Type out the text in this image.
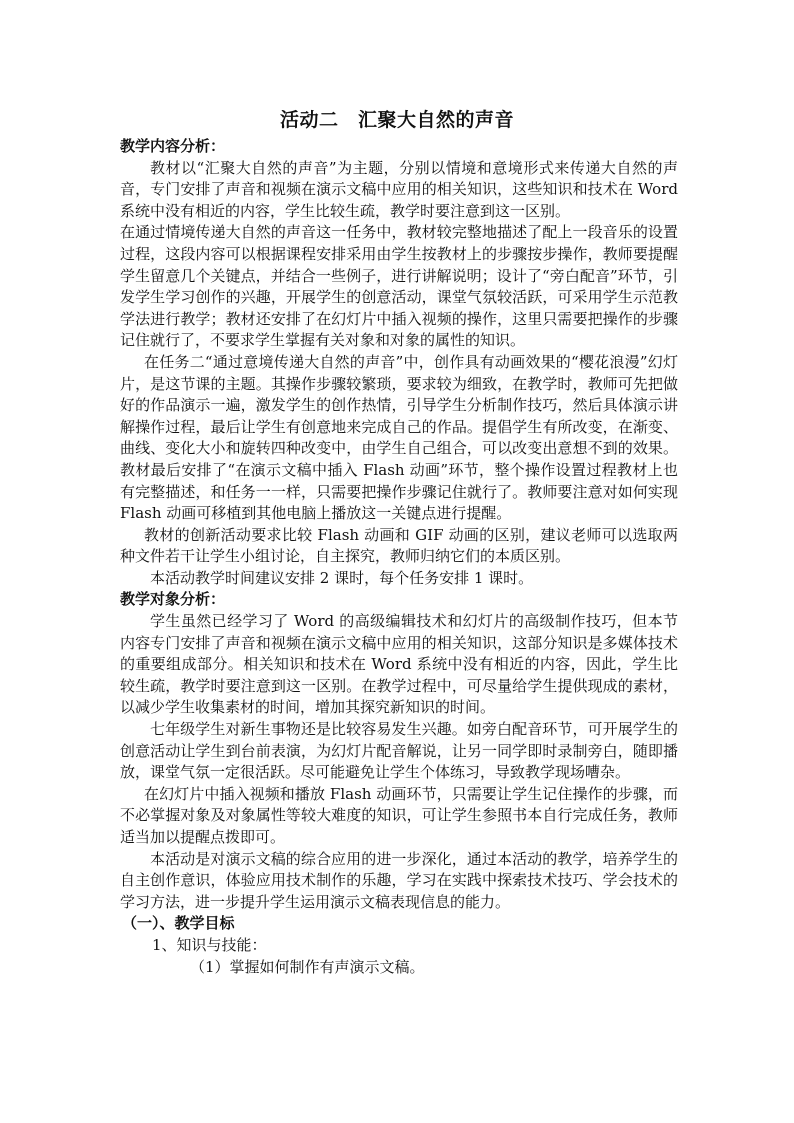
活动二　汇聚大自然的声音

教学内容分析：

教材以“汇聚大自然的声音”为主题，分别以情境和意境形式来传递大自然的声音，专门安排了声音和视频在演示文稿中应用的相关知识，这些知识和技术在 Word 系统中没有相近的内容，学生比较生疏，教学时要注意到这一区别。

在通过情境传递大自然的声音这一任务中，教材较完整地描述了配上一段音乐的设置过程，这段内容可以根据课程安排采用由学生按教材上的步骤按步操作，教师要提醒学生留意几个关键点，并结合一些例子，进行讲解说明；设计了“旁白配音”环节，引发学生学习创作的兴趣，开展学生的创意活动，课堂气氛较活跃，可采用学生示范教学法进行教学；教材还安排了在幻灯片中插入视频的操作，这里只需要把操作的步骤记住就行了，不要求学生掌握有关对象和对象的属性的知识。

在任务二“通过意境传递大自然的声音”中，创作具有动画效果的“樱花浪漫”幻灯片，是这节课的主题。其操作步骤较繁琐，要求较为细致，在教学时，教师可先把做好的作品演示一遍，激发学生的创作热情，引导学生分析制作技巧，然后具体演示讲解操作过程，最后让学生有创意地来完成自己的作品。提倡学生有所改变，在渐变、曲线、变化大小和旋转四种改变中，由学生自己组合，可以改变出意想不到的效果。教材最后安排了“在演示文稿中插入 Flash 动画”环节，整个操作设置过程教材上也有完整描述，和任务一一样，只需要把操作步骤记住就行了。教师要注意对如何实现 Flash 动画可移植到其他电脑上播放这一关键点进行提醒。

教材的创新活动要求比较 Flash 动画和 GIF 动画的区别，建议老师可以选取两种文件若干让学生小组讨论，自主探究，教师归纳它们的本质区别。

本活动教学时间建议安排 2 课时，每个任务安排 1 课时。

教学对象分析：

学生虽然已经学习了 Word 的高级编辑技术和幻灯片的高级制作技巧，但本节内容专门安排了声音和视频在演示文稿中应用的相关知识，这部分知识是多媒体技术的重要组成部分。相关知识和技术在 Word 系统中没有相近的内容，因此，学生比较生疏，教学时要注意到这一区别。在教学过程中，可尽量给学生提供现成的素材，以减少学生收集素材的时间，增加其探究新知识的时间。

七年级学生对新生事物还是比较容易发生兴趣。如旁白配音环节，可开展学生的创意活动让学生到台前表演，为幻灯片配音解说，让另一同学即时录制旁白，随即播放，课堂气氛一定很活跃。尽可能避免让学生个体练习，导致教学现场嘈杂。

在幻灯片中插入视频和播放 Flash 动画环节，只需要让学生记住操作的步骤，而不必掌握对象及对象属性等较大难度的知识，可让学生参照书本自行完成任务，教师适当加以提醒点拨即可。

本活动是对演示文稿的综合应用的进一步深化，通过本活动的教学，培养学生的自主创作意识，体验应用技术制作的乐趣，学习在实践中探索技术技巧、学会技术的学习方法，进一步提升学生运用演示文稿表现信息的能力。

（一）、教学目标

1、知识与技能：

（1）掌握如何制作有声演示文稿。
